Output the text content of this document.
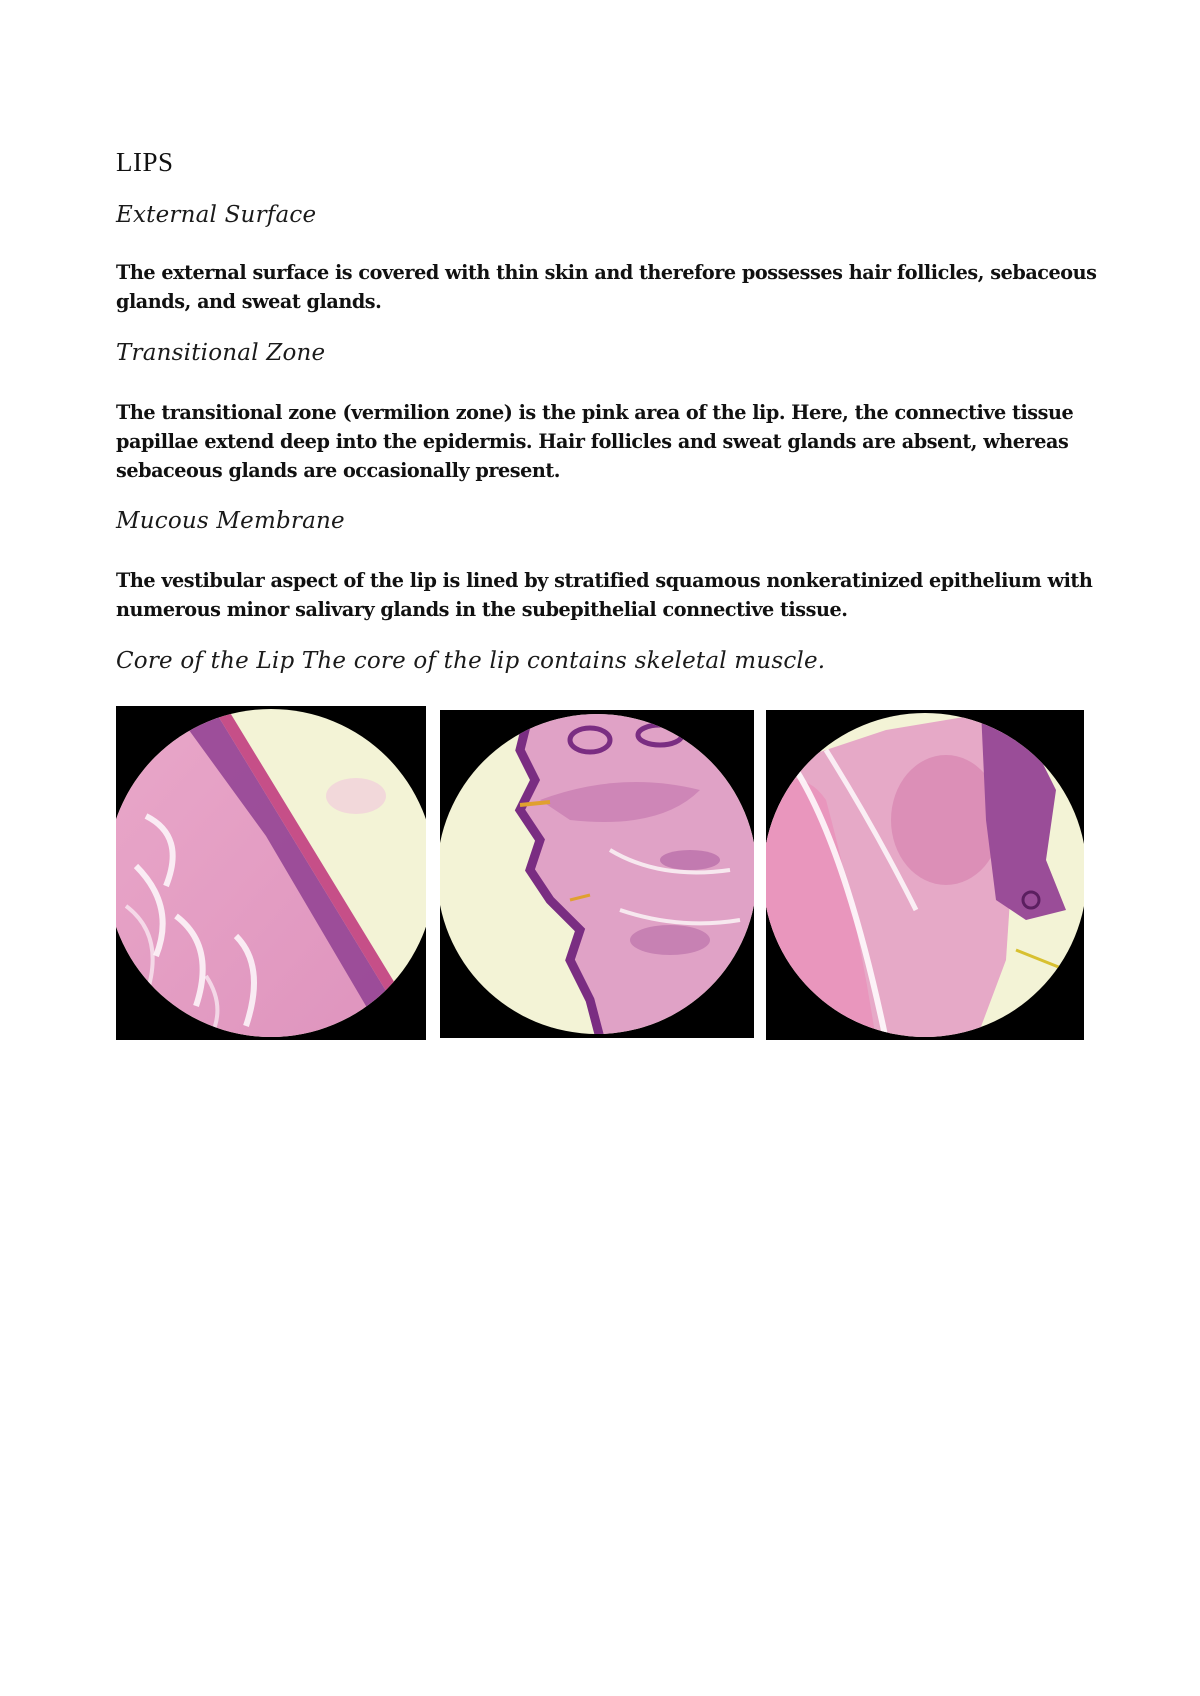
LIPS
External Surface

The external surface is covered with thin skin and therefore possesses hair follicles, sebaceous glands, and sweat glands.

Transitional Zone

The transitional zone (vermilion zone) is the pink area of the lip. Here, the connective tissue papillae extend deep into the epidermis. Hair follicles and sweat glands are absent, whereas sebaceous glands are occasionally present.

Mucous Membrane

The vestibular aspect of the lip is lined by stratified squamous nonkeratinized epithelium with numerous minor salivary glands in the subepithelial connective tissue.

Core of the Lip The core of the lip contains skeletal muscle.
